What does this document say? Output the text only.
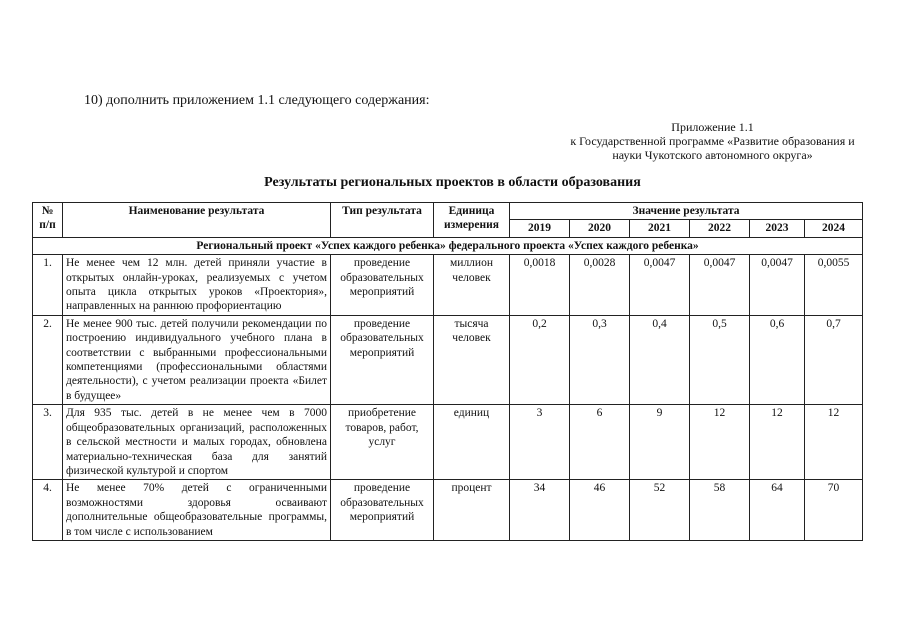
10) дополнить приложением 1.1 следующего содержания:
Приложение 1.1
к Государственной программе «Развитие образования и
науки Чукотского автономного округа»
Результаты региональных проектов в области образования
№ п/п	Наименование результата	Тип результата	Единица измерения	Значение результата					
				2019	2020	2021	2022	2023	2024
Региональный проект «Успех каждого ребенка» федерального проекта «Успех каждого ребенка»									
1.	Не менее чем 12 млн. детей приняли участие в открытых онлайн-уроках, реализуемых с учетом опыта цикла открытых уроков «Проектория», направленных на раннюю профориентацию	проведение образовательных мероприятий	миллион человек	0,0018	0,0028	0,0047	0,0047	0,0047	0,0055
2.	Не менее 900 тыс. детей получили рекомендации по построению индивидуального учебного плана в соответствии с выбранными профессиональными компетенциями (профессиональными областями деятельности), с учетом реализации проекта «Билет в будущее»	проведение образовательных мероприятий	тысяча человек	0,2	0,3	0,4	0,5	0,6	0,7
3.	Для 935 тыс. детей в не менее чем в 7000 общеобразовательных организаций, расположенных в сельской местности и малых городах, обновлена материально-техническая база для занятий физической культурой и спортом	приобретение товаров, работ, услуг	единиц	3	6	9	12	12	12
4.	Не менее 70% детей с ограниченными возможностями здоровья осваивают дополнительные общеобразовательные программы, в том числе с использованием	проведение образовательных мероприятий	процент	34	46	52	58	64	70
